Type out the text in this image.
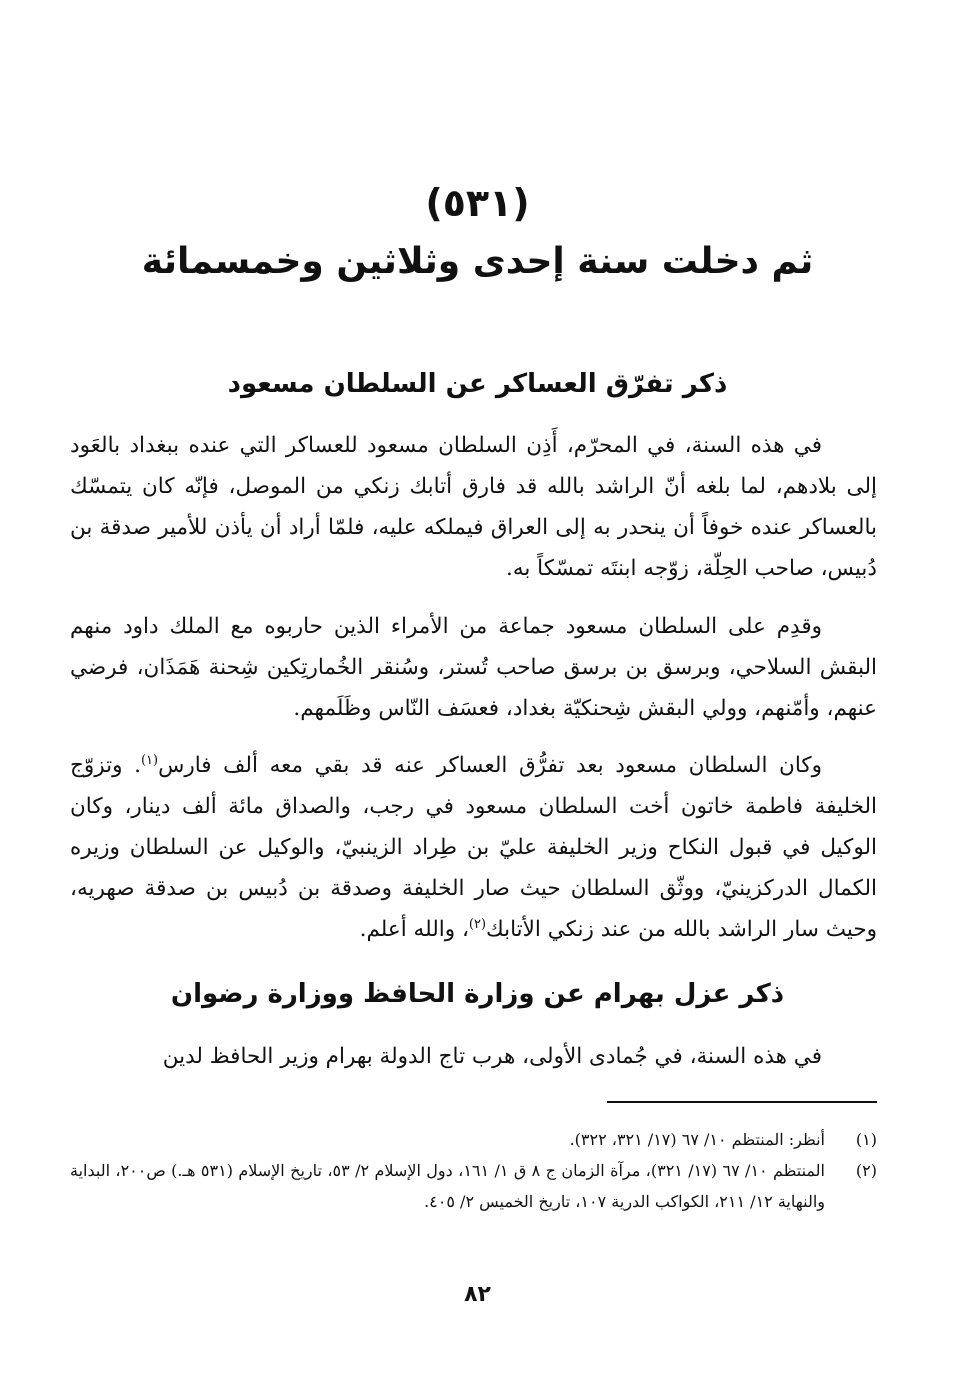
(٥٣١)
ثم دخلت سنة إحدى وثلاثين وخمسمائة
ذكر تفرّق العساكر عن السلطان مسعود

في هذه السنة، في المحرّم، أَذِن السلطان مسعود للعساكر التي عنده ببغداد بالعَود إلى بلادهم، لما بلغه أنّ الراشد بالله قد فارق أتابك زنكي من الموصل، فإنّه كان يتمسّك بالعساكر عنده خوفاً أن ينحدر به إلى العراق فيملكه عليه، فلمّا أراد أن يأذن للأمير صدقة بن دُبيس، صاحب الحِلّة، زوّجه ابنتَه تمسّكاً به.

وقدِم على السلطان مسعود جماعة من الأمراء الذين حاربوه مع الملك داود منهم البقش السلاحي، وبرسق بن برسق صاحب تُستر، وسُنقر الخُمارتِكين شِحنة هَمَذَان، فرضي عنهم، وأمّنهم، وولي البقش شِحنكيّة بغداد، فعسَف النّاس وظَلَمهم.

وكان السلطان مسعود بعد تفرُّق العساكر عنه قد بقي معه ألف فارس$^{(١)}$. وتزوّج الخليفة فاطمة خاتون أخت السلطان مسعود في رجب، والصداق مائة ألف دينار، وكان الوكيل في قبول النكاح وزير الخليفة عليّ بن طِراد الزينبيّ، والوكيل عن السلطان وزيره الكمال الدركزينيّ، ووثّق السلطان حيث صار الخليفة وصدقة بن دُبيس بن صدقة صهريه، وحيث سار الراشد بالله من عند زنكي الأتابك$^{(٢)}$، والله أعلم.

ذكر عزل بهرام عن وزارة الحافظ ووزارة رضوان

في هذه السنة، في جُمادى الأولى، هرب تاج الدولة بهرام وزير الحافظ لدين

(١)
أنظر: المنتظم ١٠/ ٦٧ (١٧/ ٣٢١، ٣٢٢).
(٢)
المنتظم ١٠/ ٦٧ (١٧/ ٣٢١)، مرآة الزمان ج ٨ ق ١/ ١٦١، دول الإسلام ٢/ ٥٣، تاريخ الإسلام (٥٣١ هـ.) ص٢٠٠، البداية والنهاية ١٢/ ٢١١، الكواكب الدرية ١٠٧، تاريخ الخميس ٢/ ٤٠٥.
٨٢
